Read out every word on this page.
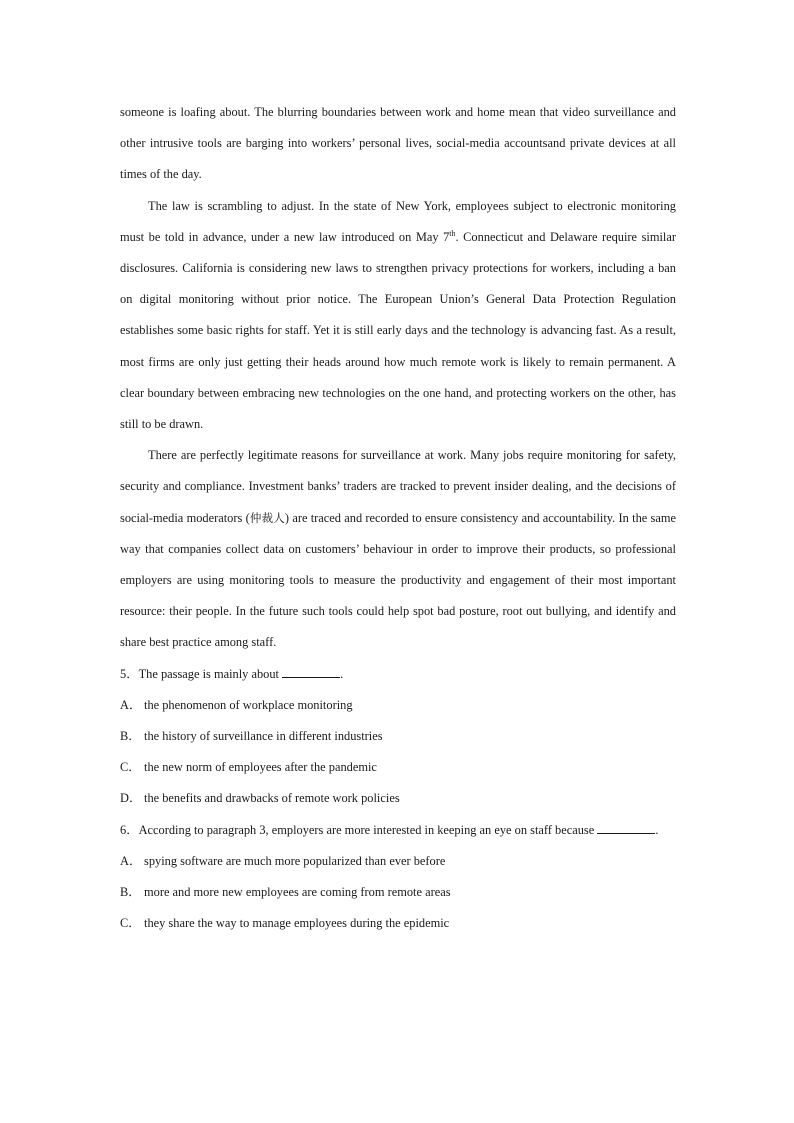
someone is loafing about. The blurring boundaries between work and home mean that video surveillance and other intrusive tools are barging into workers’ personal lives, social-media accountsand private devices at all times of the day.

The law is scrambling to adjust. In the state of New York, employees subject to electronic monitoring must be told in advance, under a new law introduced on May 7th. Connecticut and Delaware require similar disclosures. California is considering new laws to strengthen privacy protections for workers, including a ban on digital monitoring without prior notice. The European Union’s General Data Protection Regulation establishes some basic rights for staff. Yet it is still early days and the technology is advancing fast. As a result, most firms are only just getting their heads around how much remote work is likely to remain permanent. A clear boundary between embracing new technologies on the one hand, and protecting workers on the other, has still to be drawn.

There are perfectly legitimate reasons for surveillance at work. Many jobs require monitoring for safety, security and compliance. Investment banks’ traders are tracked to prevent insider dealing, and the decisions of social-media moderators (仲裁人) are traced and recorded to ensure consistency and accountability. In the same way that companies collect data on customers’ behaviour in order to improve their products, so professional employers are using monitoring tools to measure the productivity and engagement of their most important resource: their people. In the future such tools could help spot bad posture, root out bullying, and identify and share best practice among staff.

5．The passage is mainly about	.

A． the phenomenon of workplace monitoring

B． the history of surveillance in different industries

C． the new norm of employees after the pandemic

D． the benefits and drawbacks of remote work policies

6．According to paragraph 3, employers are more interested in keeping an eye on staff because	.

A． spying software are much more popularized than ever before

B． more and more new employees are coming from remote areas

C． they share the way to manage employees during the epidemic
